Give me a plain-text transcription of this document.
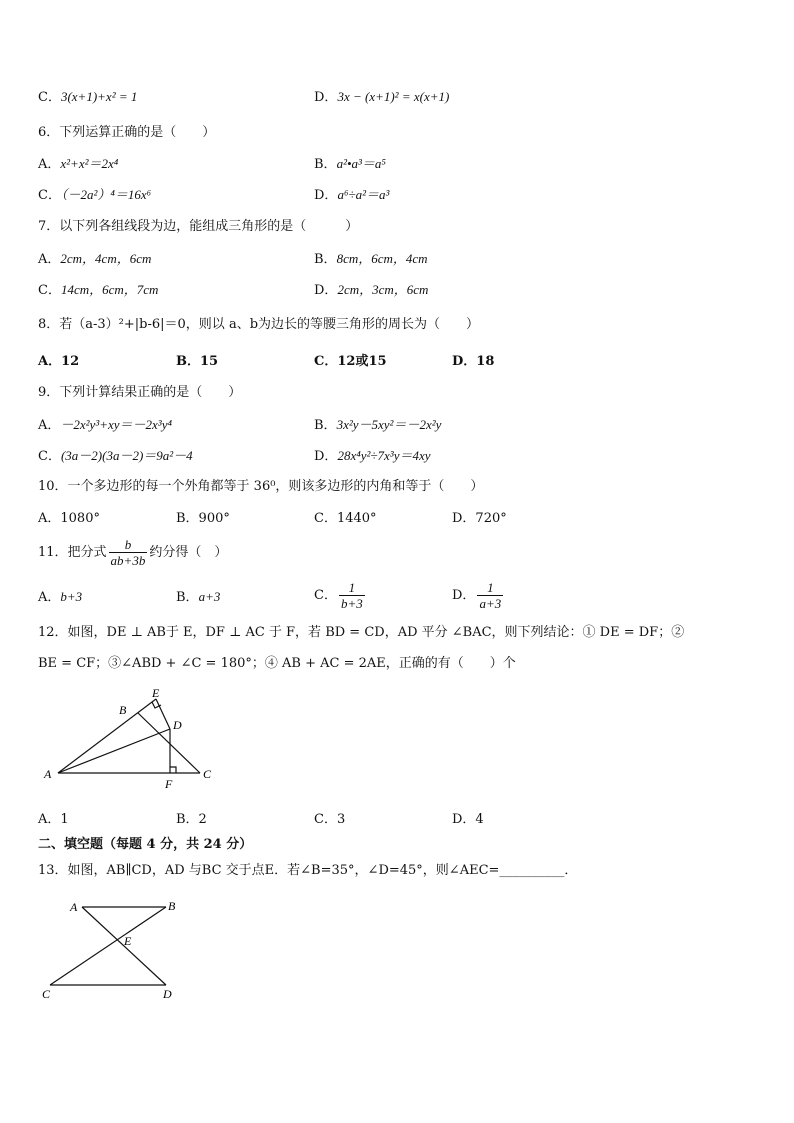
C．3(x+1)+x² = 1	D．3x − (x+1)² = x(x+1)
6．下列运算正确的是（　　）
A．x²+x²＝2x⁴	B．a²•a³＝a⁵
C．（－2a²）⁴＝16x⁶	D．a⁶÷a²＝a³
7．以下列各组线段为边，能组成三角形的是（　　　）
A．2cm，4cm，6cm	B．8cm，6cm，4cm
C．14cm，6cm，7cm	D．2cm，3cm，6cm
8．若（a-3）²+|b-6|＝0，则以 a、b为边长的等腰三角形的周长为（　　）
A．12	B．15	C．12或15	D．18
9．下列计算结果正确的是（　　）
A．－2x²y³+xy＝－2x³y⁴	B．3x²y－5xy²＝－2x²y
C．(3a－2)(3a－2)＝9a²－4	D．28x⁴y²÷7x³y＝4xy
10．一个多边形的每一个外角都等于 36⁰，则该多边形的内角和等于（　　）
A．1080°	B．900°	C．1440°	D．720°
11．把分式 $\frac{b}{ab+3b}$ 约分得（　）
A．b+3	B．a+3	C． $\frac{1}{b+3}$	D． $\frac{1}{a+3}$
12．如图，DE ⊥ AB于 E，DF ⊥ AC 于 F，若 BD = CD，AD 平分 ∠BAC，则下列结论：① DE = DF；②
BE = CF；③∠ABD + ∠C = 180°；④ AB + AC = 2AE，正确的有（　　）个
A
B
C
D
E
F
A．1	B．2	C．3	D．4
二、填空题（每题 4 分，共 24 分）
13．如图，AB∥CD，AD 与BC 交于点E．若∠B=35°，∠D=45°，则∠AEC=__________．
A	B
C	D
E
